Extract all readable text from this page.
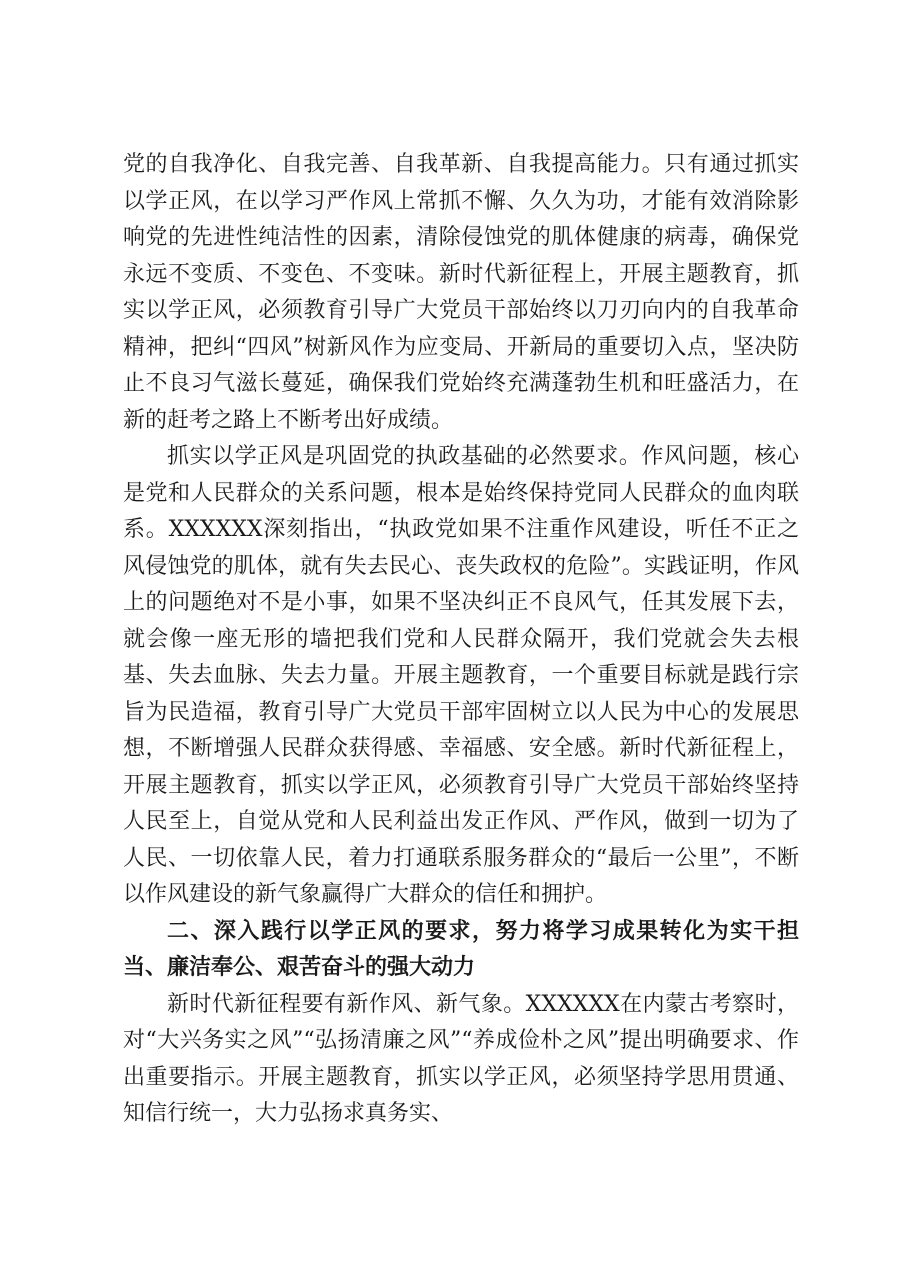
党的自我净化、自我完善、自我革新、自我提高能力。只有通过抓实以学正风，在以学习严作风上常抓不懈、久久为功，才能有效消除影响党的先进性纯洁性的因素，清除侵蚀党的肌体健康的病毒，确保党永远不变质、不变色、不变味。新时代新征程上，开展主题教育，抓实以学正风，必须教育引导广大党员干部始终以刀刃向内的自我革命精神，把纠“四风”树新风作为应变局、开新局的重要切入点，坚决防止不良习气滋长蔓延，确保我们党始终充满蓬勃生机和旺盛活力，在新的赶考之路上不断考出好成绩。

抓实以学正风是巩固党的执政基础的必然要求。作风问题，核心是党和人民群众的关系问题，根本是始终保持党同人民群众的血肉联系。XXXXXX深刻指出，“执政党如果不注重作风建设，听任不正之风侵蚀党的肌体，就有失去民心、丧失政权的危险”。实践证明，作风上的问题绝对不是小事，如果不坚决纠正不良风气，任其发展下去，就会像一座无形的墙把我们党和人民群众隔开，我们党就会失去根基、失去血脉、失去力量。开展主题教育，一个重要目标就是践行宗旨为民造福，教育引导广大党员干部牢固树立以人民为中心的发展思想，不断增强人民群众获得感、幸福感、安全感。新时代新征程上，开展主题教育，抓实以学正风，必须教育引导广大党员干部始终坚持人民至上，自觉从党和人民利益出发正作风、严作风，做到一切为了人民、一切依靠人民，着力打通联系服务群众的“最后一公里”，不断以作风建设的新气象赢得广大群众的信任和拥护。

二、深入践行以学正风的要求，努力将学习成果转化为实干担当、廉洁奉公、艰苦奋斗的强大动力

新时代新征程要有新作风、新气象。XXXXXX在内蒙古考察时，对“大兴务实之风”“弘扬清廉之风”“养成俭朴之风”提出明确要求、作出重要指示。开展主题教育，抓实以学正风，必须坚持学思用贯通、知信行统一，大力弘扬求真务实、
